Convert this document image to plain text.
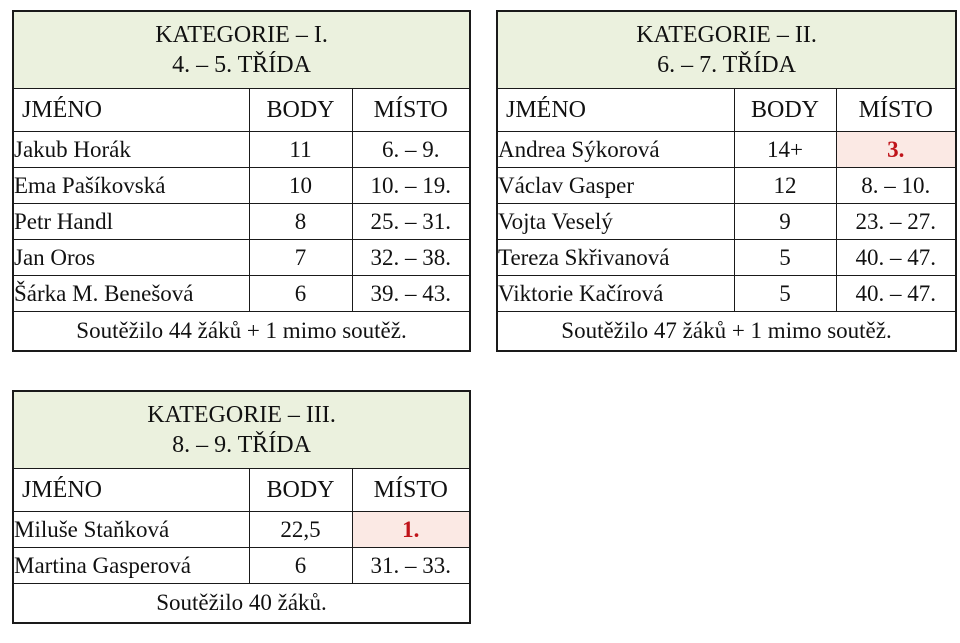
KATEGORIE – I.
4. – 5. TŘÍDA		

JMÉNO	BODY	MÍSTO
Jakub Horák	11	6. – 9.
Ema Pašíkovská	10	10. – 19.
Petr Handl	8	25. – 31.
Jan Oros	7	32. – 38.
Šárka M. Benešová	6	39. – 43.
Soutěžilo 44 žáků + 1 mimo soutěž.		
KATEGORIE – II.
6. – 7. TŘÍDA		

JMÉNO	BODY	MÍSTO
Andrea Sýkorová	14+	3.
Václav Gasper	12	8. – 10.
Vojta Veselý	9	23. – 27.
Tereza Skřivanová	5	40. – 47.
Viktorie Kačírová	5	40. – 47.
Soutěžilo 47 žáků + 1 mimo soutěž.		
KATEGORIE – III.
8. – 9. TŘÍDA		

JMÉNO	BODY	MÍSTO
Miluše Staňková	22,5	1.
Martina Gasperová	6	31. – 33.
Soutěžilo 40 žáků.		
